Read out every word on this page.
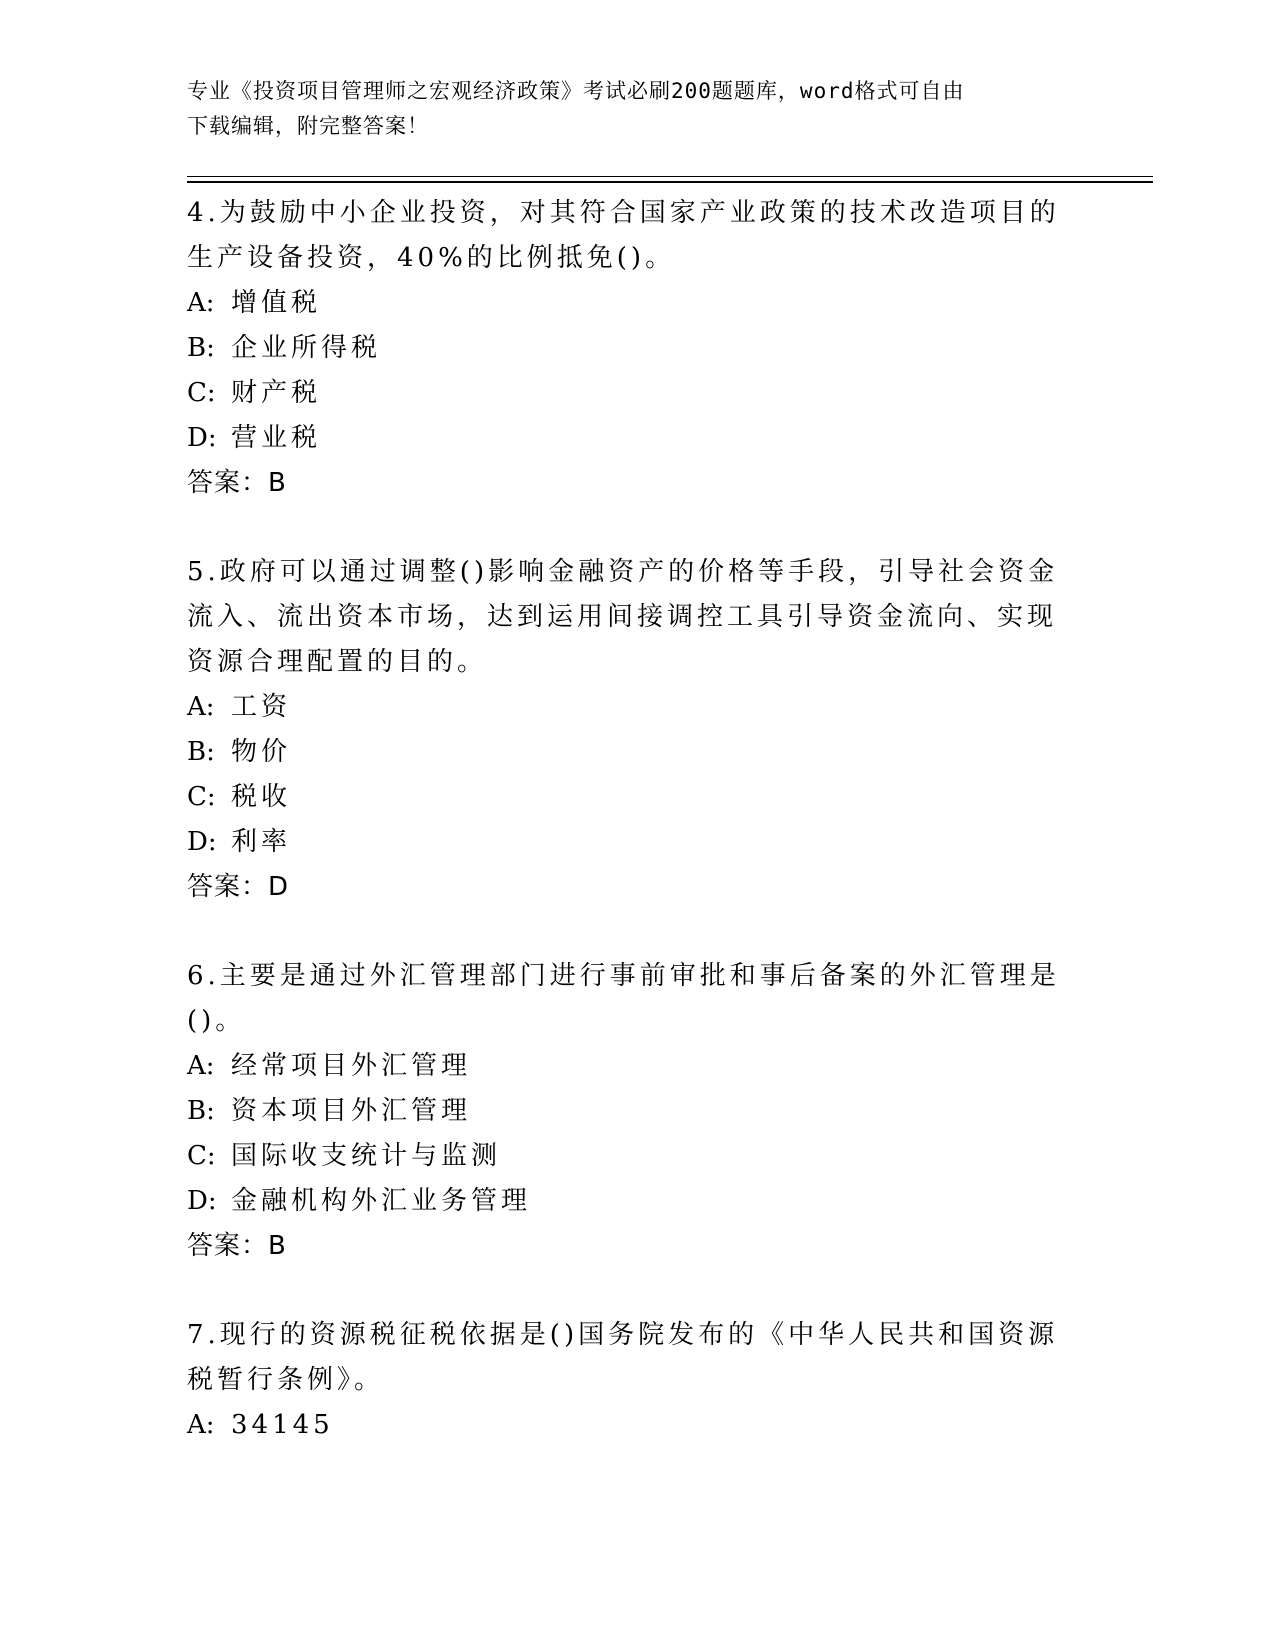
专业《投资项目管理师之宏观经济政策》考试必刷200题题库，word格式可自由
下载编辑，附完整答案！

4.为鼓励中小企业投资，对其符合国家产业政策的技术改造项目的生产设备投资，40%的比例抵免()。

A: 增值税

B: 企业所得税

C: 财产税

D: 营业税

答案：B

5.政府可以通过调整()影响金融资产的价格等手段，引导社会资金流入、流出资本市场，达到运用间接调控工具引导资金流向、实现资源合理配置的目的。

A: 工资

B: 物价

C: 税收

D: 利率

答案：D

6.主要是通过外汇管理部门进行事前审批和事后备案的外汇管理是()。

A: 经常项目外汇管理

B: 资本项目外汇管理

C: 国际收支统计与监测

D: 金融机构外汇业务管理

答案：B

7.现行的资源税征税依据是()国务院发布的《中华人民共和国资源税暂行条例》。

A: 34145
